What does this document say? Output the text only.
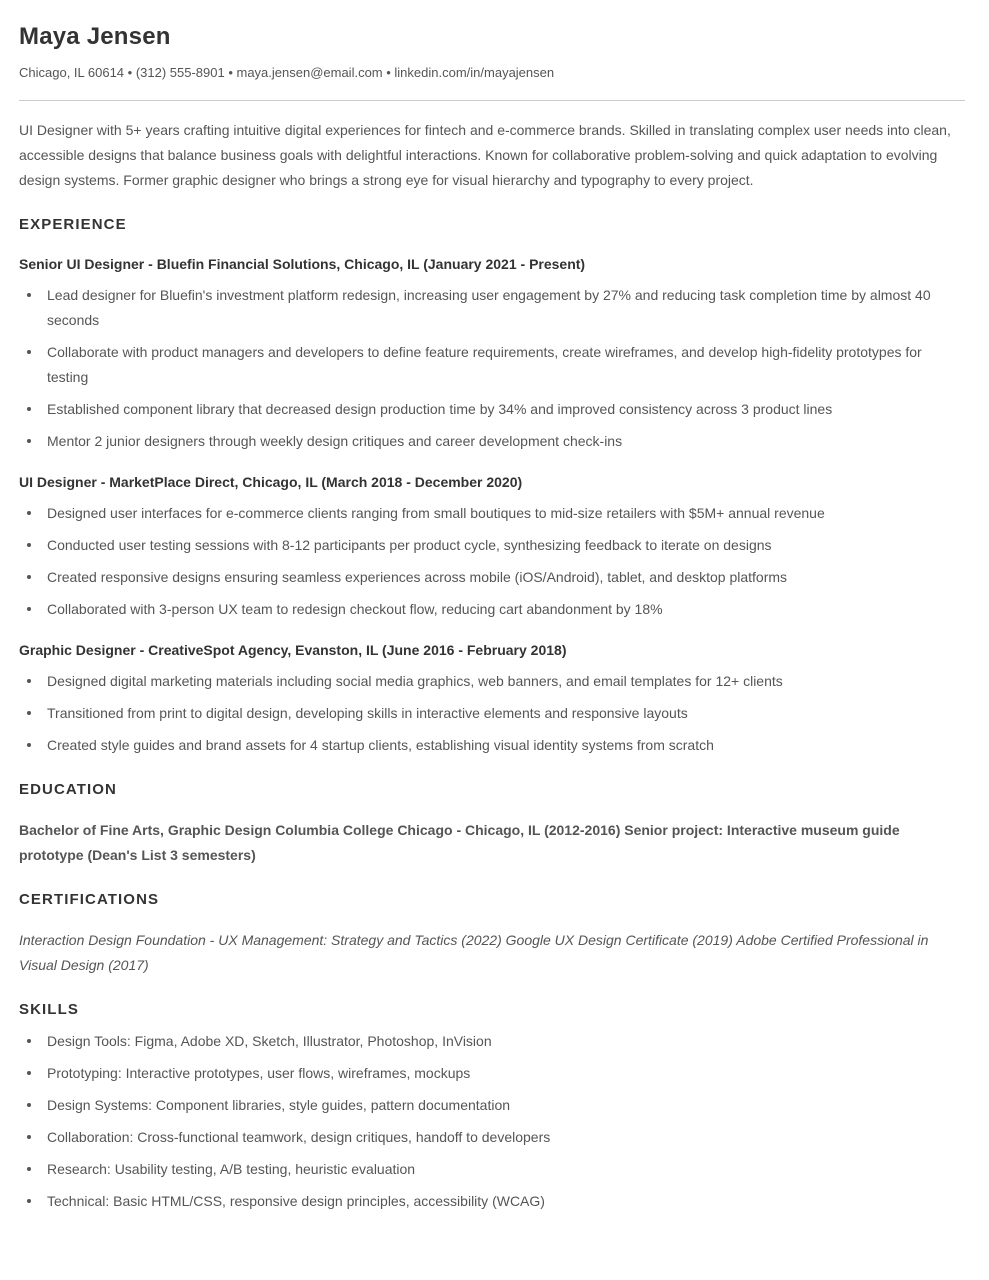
Maya Jensen
Chicago, IL 60614 • (312) 555-8901 • maya.jensen@email.com • linkedin.com/in/mayajensen

UI Designer with 5+ years crafting intuitive digital experiences for fintech and e-commerce brands. Skilled in translating complex user needs into clean, accessible designs that balance business goals with delightful interactions. Known for collaborative problem-solving and quick adaptation to evolving design systems. Former graphic designer who brings a strong eye for visual hierarchy and typography to every project.

EXPERIENCE
Senior UI Designer - Bluefin Financial Solutions, Chicago, IL (January 2021 - Present)
Lead designer for Bluefin's investment platform redesign, increasing user engagement by 27% and reducing task completion time by almost 40 seconds
Collaborate with product managers and developers to define feature requirements, create wireframes, and develop high-fidelity prototypes for testing
Established component library that decreased design production time by 34% and improved consistency across 3 product lines
Mentor 2 junior designers through weekly design critiques and career development check-ins
UI Designer - MarketPlace Direct, Chicago, IL (March 2018 - December 2020)
Designed user interfaces for e-commerce clients ranging from small boutiques to mid-size retailers with $5M+ annual revenue
Conducted user testing sessions with 8-12 participants per product cycle, synthesizing feedback to iterate on designs
Created responsive designs ensuring seamless experiences across mobile (iOS/Android), tablet, and desktop platforms
Collaborated with 3-person UX team to redesign checkout flow, reducing cart abandonment by 18%
Graphic Designer - CreativeSpot Agency, Evanston, IL (June 2016 - February 2018)
Designed digital marketing materials including social media graphics, web banners, and email templates for 12+ clients
Transitioned from print to digital design, developing skills in interactive elements and responsive layouts
Created style guides and brand assets for 4 startup clients, establishing visual identity systems from scratch
EDUCATION

Bachelor of Fine Arts, Graphic Design Columbia College Chicago - Chicago, IL (2012-2016) Senior project: Interactive museum guide prototype (Dean's List 3 semesters)

CERTIFICATIONS

Interaction Design Foundation - UX Management: Strategy and Tactics (2022) Google UX Design Certificate (2019) Adobe Certified Professional in Visual Design (2017)

SKILLS
Design Tools: Figma, Adobe XD, Sketch, Illustrator, Photoshop, InVision
Prototyping: Interactive prototypes, user flows, wireframes, mockups
Design Systems: Component libraries, style guides, pattern documentation
Collaboration: Cross-functional teamwork, design critiques, handoff to developers
Research: Usability testing, A/B testing, heuristic evaluation
Technical: Basic HTML/CSS, responsive design principles, accessibility (WCAG)
